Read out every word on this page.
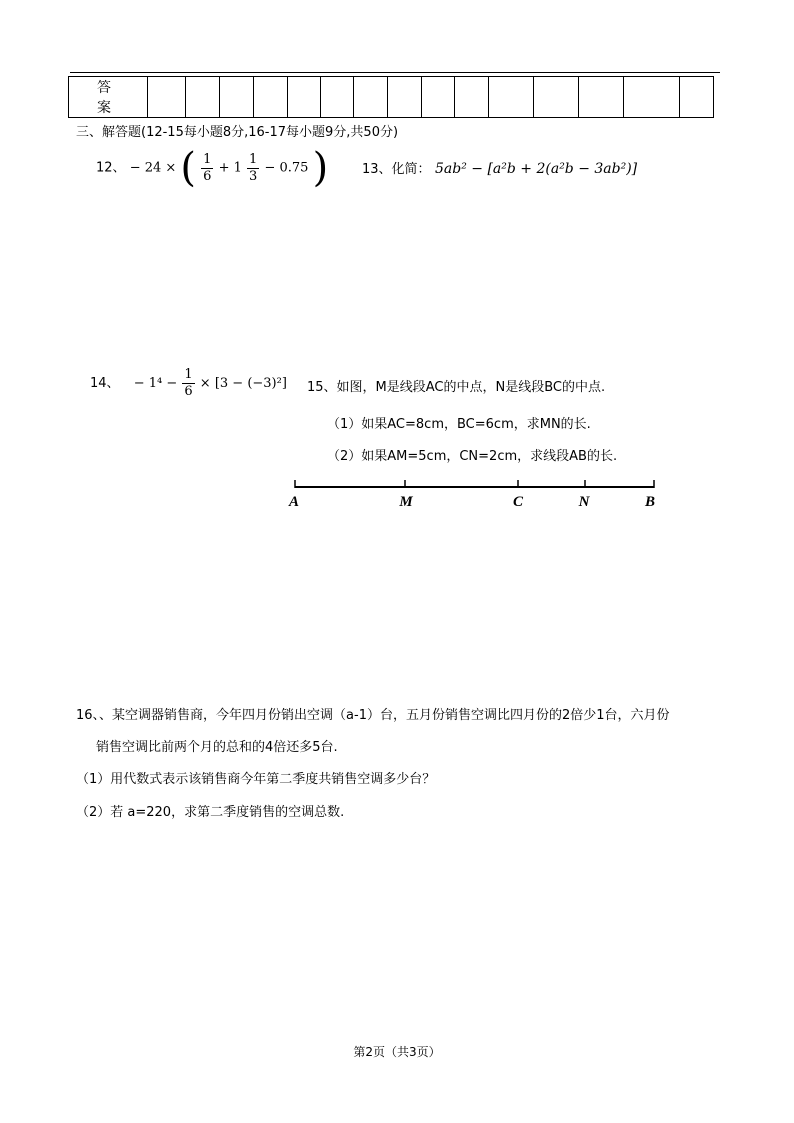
答 案															
三、解答题(12-15每小题8分,16-17每小题9分,共50分)
12、 − 24 × ( $\frac{1}{6} + 1 \frac{1}{3} - 0.75$ )	13、化简： 5ab² − [a²b + 2(a²b − 3ab²)]
14、 − $1^4 - \frac{1}{6} \times [3 - (-3)^2]$ 15、如图，M是线段AC的中点，N是线段BC的中点.
（1）如果AC=8cm，BC=6cm，求MN的长.
（2）如果AM=5cm，CN=2cm，求线段AB的长.
A	M	C	N	B
16、、某空调器销售商，今年四月份销出空调（a-1）台，五月份销售空调比四月份的2倍少1台，六月份
销售空调比前两个月的总和的4倍还多5台.
（1）用代数式表示该销售商今年第二季度共销售空调多少台？
（2）若 a=220，求第二季度销售的空调总数.
第2页（共3页）
